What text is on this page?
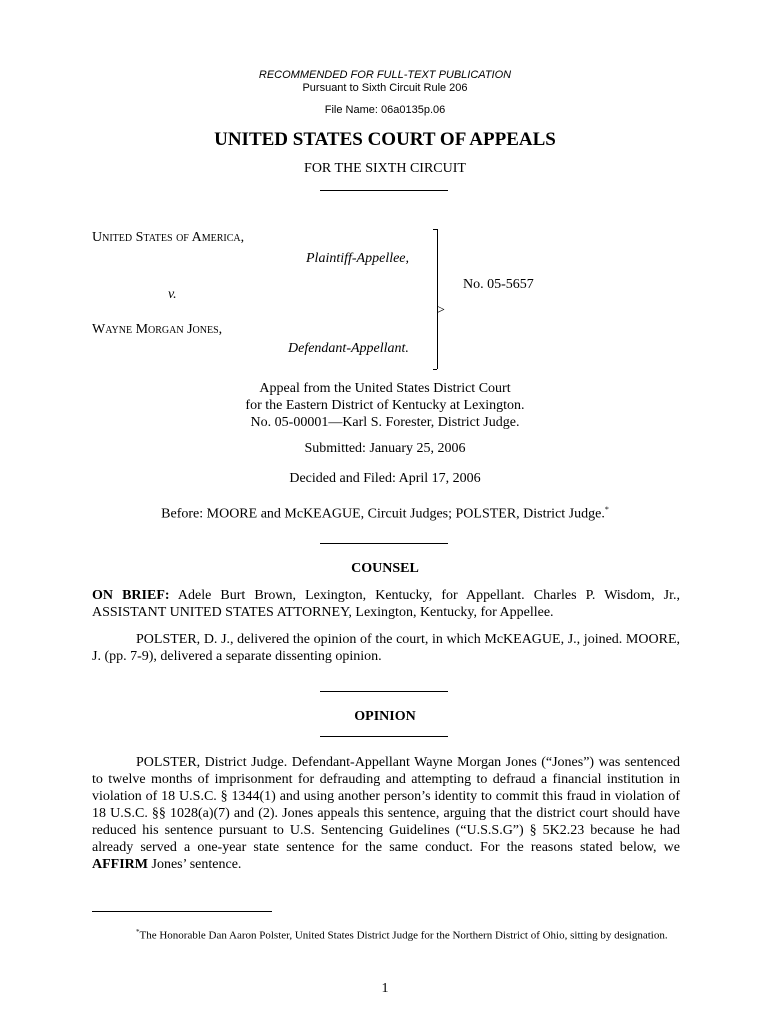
RECOMMENDED FOR FULL-TEXT PUBLICATION
Pursuant to Sixth Circuit Rule 206
File Name: 06a0135p.06
UNITED STATES COURT OF APPEALS
FOR THE SIXTH CIRCUIT
United States of America,
Plaintiff-Appellee,
v.
Wayne Morgan Jones,
Defendant-Appellant.
>
No. 05-5657
Appeal from the United States District Court
for the Eastern District of Kentucky at Lexington.
No. 05-00001—Karl S. Forester, District Judge.
Submitted: January 25, 2006
Decided and Filed: April 17, 2006
Before: MOORE and McKEAGUE, Circuit Judges; POLSTER, District Judge.*
COUNSEL

ON BRIEF: Adele Burt Brown, Lexington, Kentucky, for Appellant. Charles P. Wisdom, Jr., ASSISTANT UNITED STATES ATTORNEY, Lexington, Kentucky, for Appellee.

POLSTER, D. J., delivered the opinion of the court, in which McKEAGUE, J., joined. MOORE, J. (pp. 7-9), delivered a separate dissenting opinion.

OPINION

POLSTER, District Judge. Defendant-Appellant Wayne Morgan Jones (“Jones”) was sentenced to twelve months of imprisonment for defrauding and attempting to defraud a financial institution in violation of 18 U.S.C. § 1344(1) and using another person’s identity to commit this fraud in violation of 18 U.S.C. §§ 1028(a)(7) and (2). Jones appeals this sentence, arguing that the district court should have reduced his sentence pursuant to U.S. Sentencing Guidelines (“U.S.S.G”) § 5K2.23 because he had already served a one-year state sentence for the same conduct. For the reasons stated below, we AFFIRM Jones’ sentence.

*The Honorable Dan Aaron Polster, United States District Judge for the Northern District of Ohio, sitting by designation.

1
